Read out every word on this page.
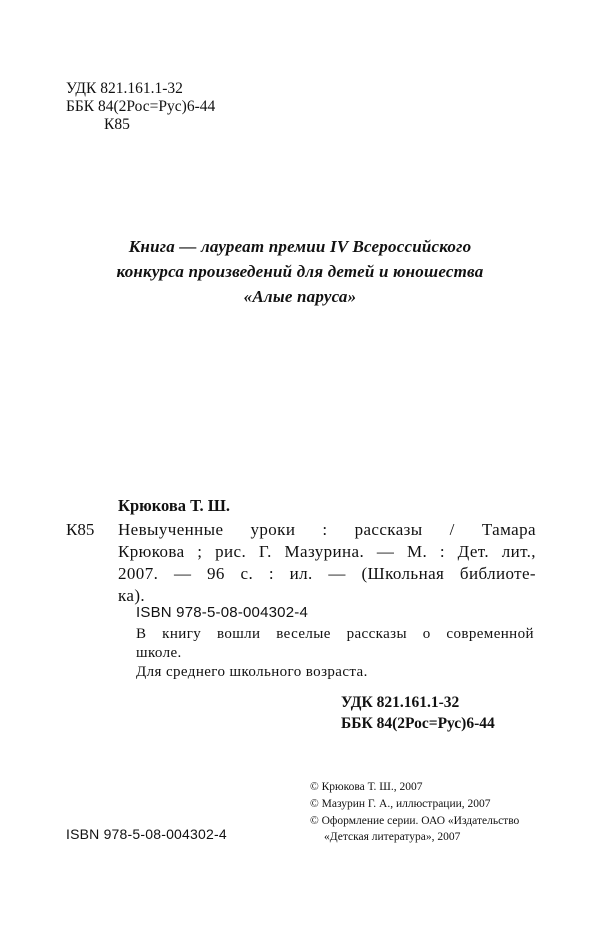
УДК 821.161.1-32
ББК 84(2Рос=Рус)6-44
К85
Книга — лауреат премии IV Всероссийского
конкурса произведений для детей и юношества
«Алые паруса»
Крюкова Т. Ш.
К85 Невыученные уроки : рассказы / Тамара
Крюкова ; рис. Г. Мазурина. — М. : Дет. лит.,
2007. — 96 с. : ил. — (Школьная библиоте-
ка).
ISBN 978-5-08-004302-4
В книгу вошли веселые рассказы о современной
школе.
Для среднего школьного возраста.
УДК 821.161.1-32
ББК 84(2Рос=Рус)6-44
© Крюкова Т. Ш., 2007
© Мазурин Г. А., иллюстрации, 2007
© Оформление серии. ОАО «Издательство
«Детская литература», 2007
ISBN 978-5-08-004302-4
